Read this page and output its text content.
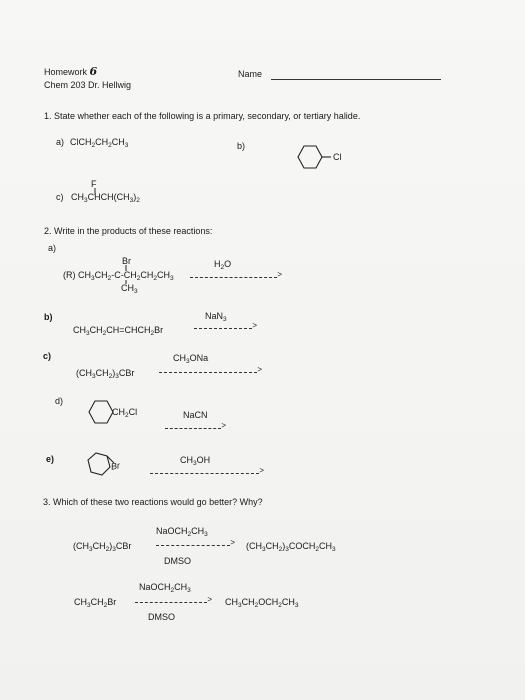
Homework 6
Chem 203 Dr. Hellwig
Name
1. State whether each of the following is a primary, secondary, or tertiary halide.
a) $ClCH_2CH_2CH_3$	b)
Cl
F
c) $CH_3CHCH(CH_3)_2$
2. Write in the products of these reactions:
a)
Br
(R) $CH_3CH_2-C-CH_2CH_2CH_3$
$CH_3$
$H_2O$
>
b)
$CH_3CH_2CH=CHCH_2Br$
NaN$_3$
>
c)	$CH_3ONa$
$(CH_3CH_2)_3CBr$
>
d)
$CH_2Cl$	NaCN
>
e)
Br
$CH_3OH$
>
3. Which of these two reactions would go better? Why?
$NaOCH_2CH_3$
$(CH_3CH_2)_3CBr$
>
DMSO
$(CH_3CH_2)_3COCH_2CH_3$
$NaOCH_2CH_3$
$CH_3CH_2Br$
>
DMSO
$CH_3CH_2OCH_2CH_3$
